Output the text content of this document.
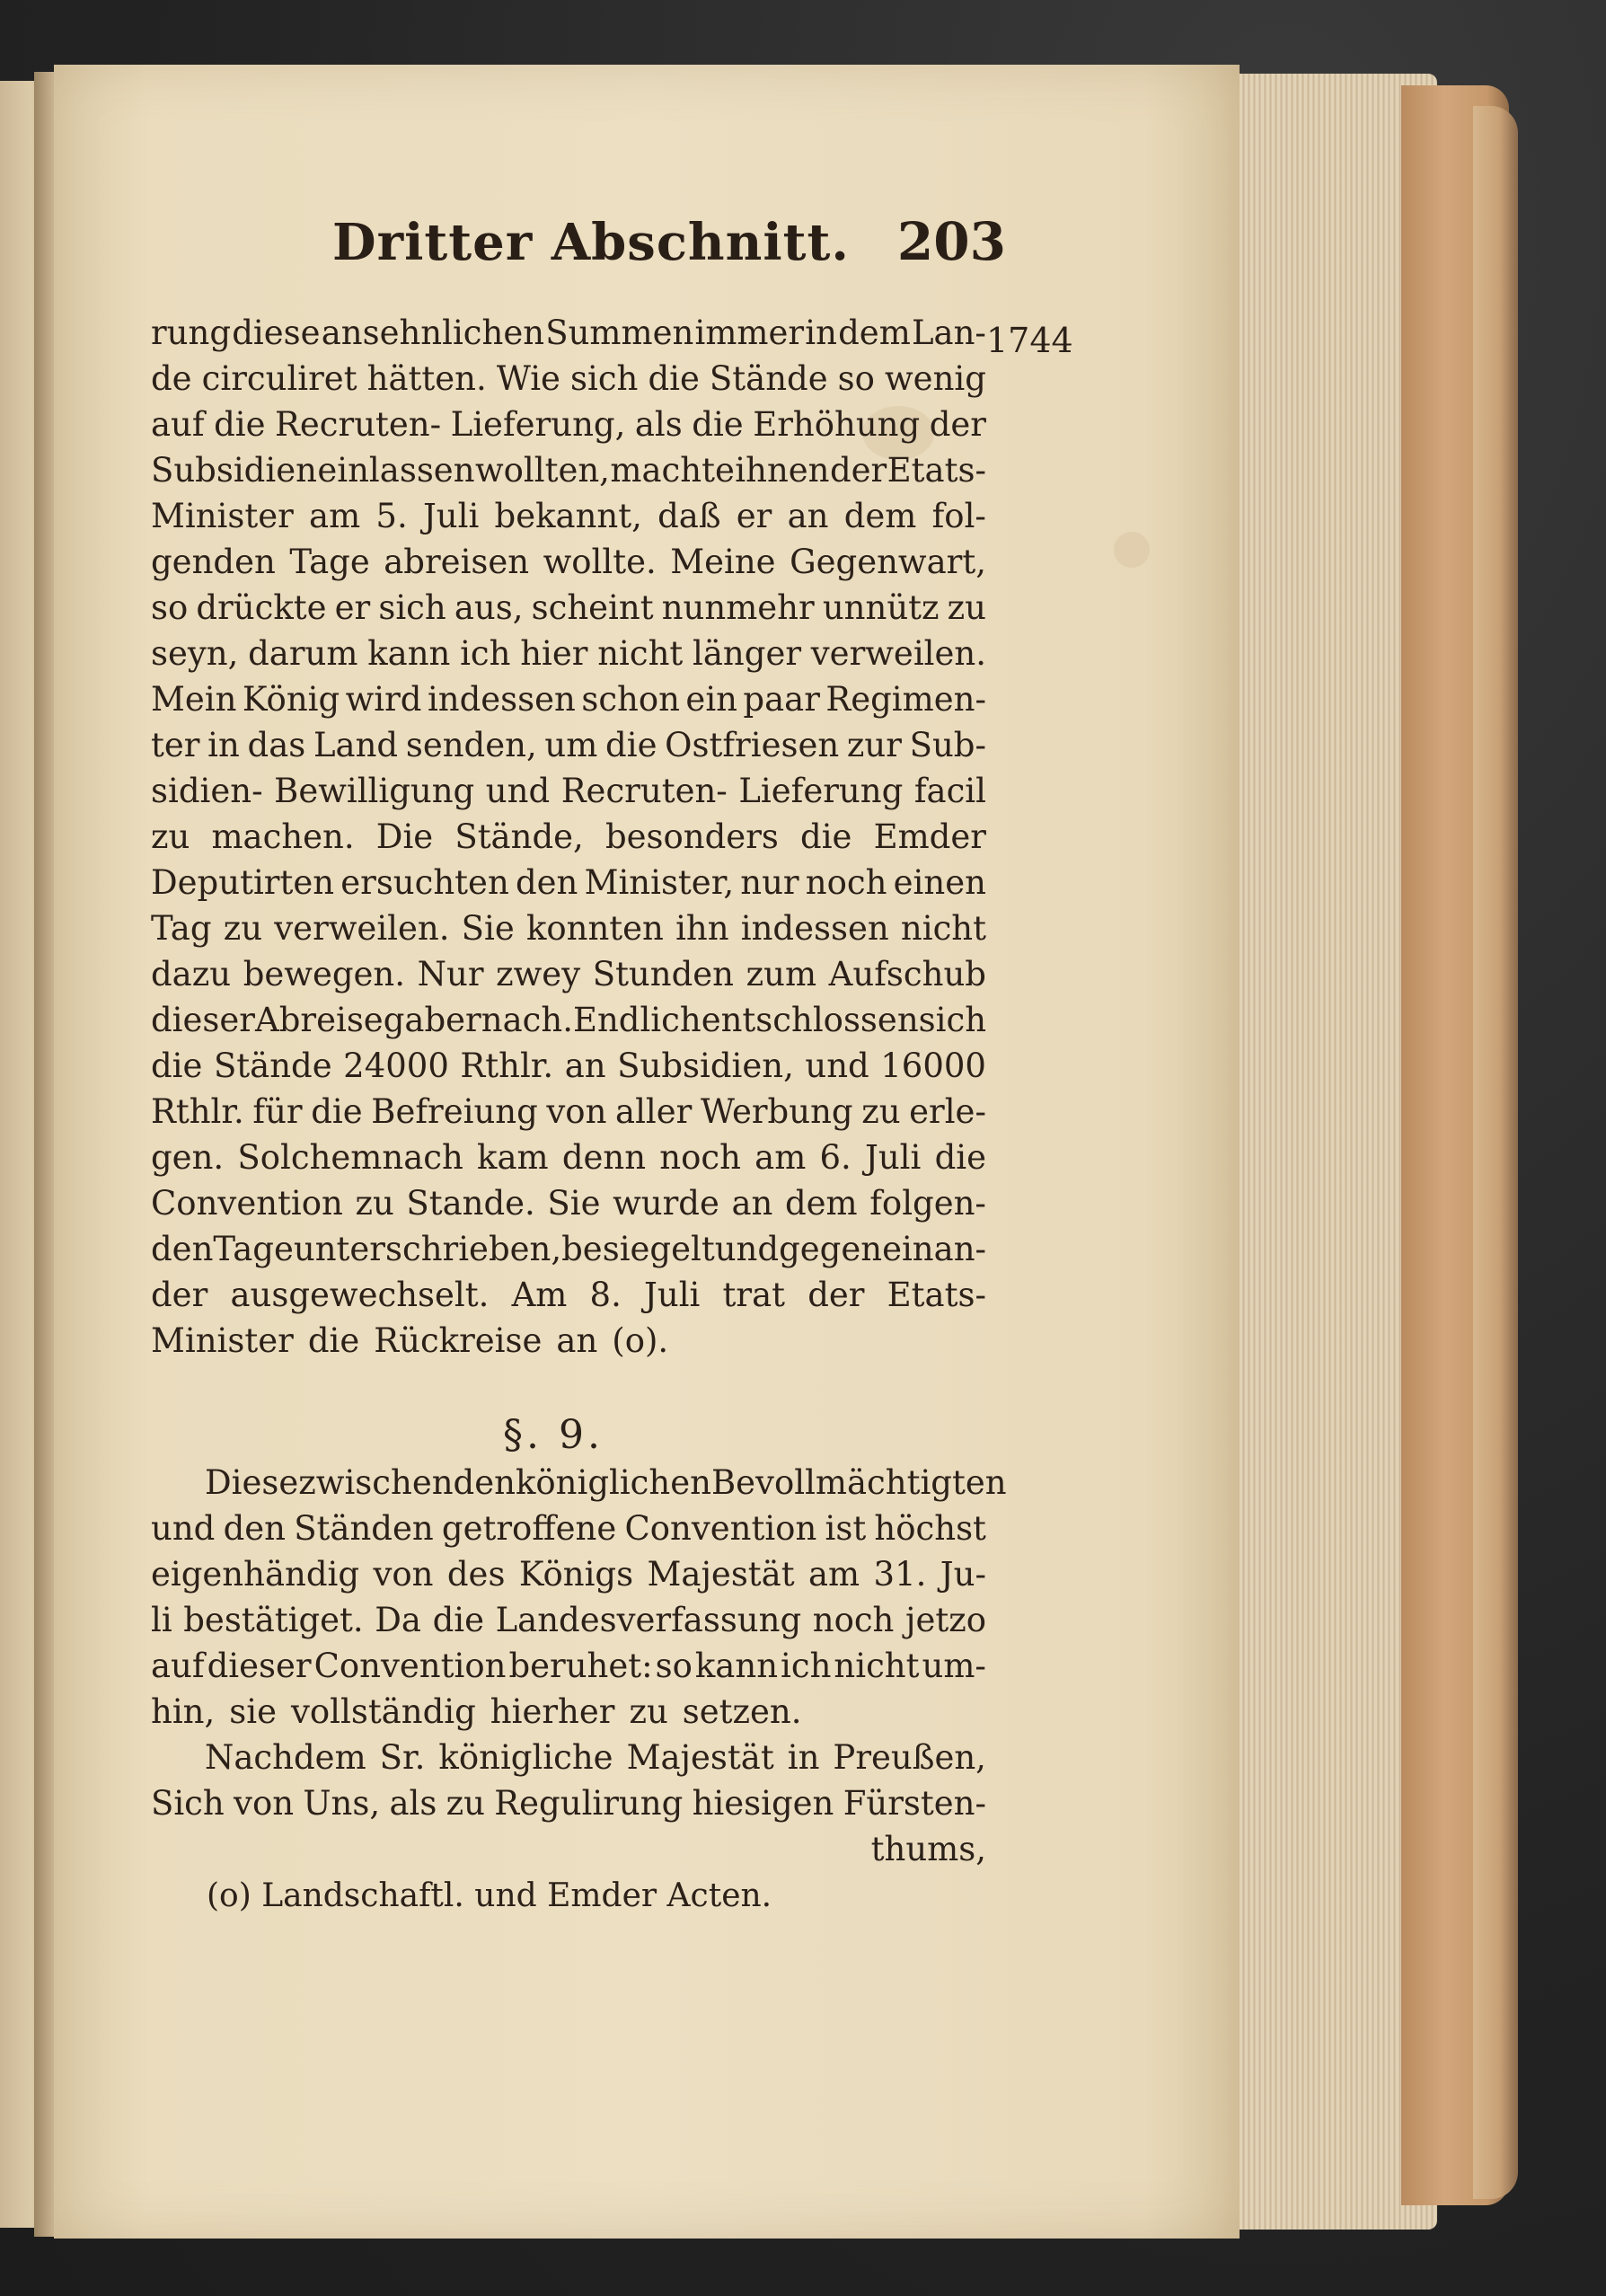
Dritter Abschnitt. 203
1744
rung diese ansehnlichen Summen immer in dem Lan-
de circuliret hätten. Wie sich die Stände so wenig
auf die Recruten- Lieferung, als die Erhöhung der
Subsidien einlassen wollten, machte ihnen der Etats-
Minister am 5. Juli bekannt, daß er an dem fol-
genden Tage abreisen wollte. Meine Gegenwart,
so drückte er sich aus, scheint nunmehr unnütz zu
seyn, darum kann ich hier nicht länger verweilen.
Mein König wird indessen schon ein paar Regimen-
ter in das Land senden, um die Ostfriesen zur Sub-
sidien- Bewilligung und Recruten- Lieferung facil
zu machen. Die Stände, besonders die Emder
Deputirten ersuchten den Minister, nur noch einen
Tag zu verweilen. Sie konnten ihn indessen nicht
dazu bewegen. Nur zwey Stunden zum Aufschub
dieser Abreise gab er nach. Endlich entschlossen sich
die Stände 24000 Rthlr. an Subsidien, und 16000
Rthlr. für die Befreiung von aller Werbung zu erle-
gen. Solchemnach kam denn noch am 6. Juli die
Convention zu Stande. Sie wurde an dem folgen-
den Tage unterschrieben, besiegelt und gegen einan-
der ausgewechselt. Am 8. Juli trat der Etats-
Minister die Rückreise an (o).
§. 9.
Diese zwischen den königlichen Bevollmächtigten
und den Ständen getroffene Convention ist höchst
eigenhändig von des Königs Majestät am 31. Ju-
li bestätiget. Da die Landesverfassung noch jetzo
auf dieser Convention beruhet: so kann ich nicht um-
hin, sie vollständig hierher zu setzen.
Nachdem Sr. königliche Majestät in Preußen,
Sich von Uns, als zu Regulirung hiesigen Fürsten-
thums,
(o) Landschaftl. und Emder Acten.
